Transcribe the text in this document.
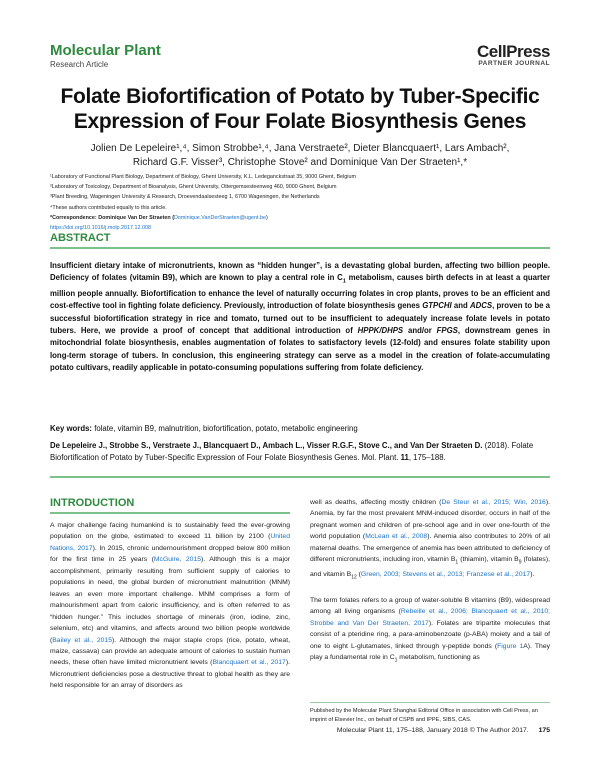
Molecular Plant
Research Article
CellPress
PARTNER JOURNAL
Folate Biofortification of Potato by Tuber-Specific Expression of Four Folate Biosynthesis Genes
Jolien De Lepeleire¹,⁴, Simon Strobbe¹,⁴, Jana Verstraete², Dieter Blancquaert¹, Lars Ambach²,
Richard G.F. Visser³, Christophe Stove² and Dominique Van Der Straeten¹,*
¹Laboratory of Functional Plant Biology, Department of Biology, Ghent University, K.L. Ledeganckstraat 35, 9000 Ghent, Belgium
²Laboratory of Toxicology, Department of Bioanalysis, Ghent University, Ottergemsesteenweg 460, 9000 Ghent, Belgium
³Plant Breeding, Wageningen University & Research, Droevendaalsesteeg 1, 6700 Wageningen, the Netherlands
⁴These authors contributed equally to this article.
*Correspondence: Dominique Van Der Straeten (Dominique.VanDerStraeten@ugent.be)
https://doi.org/10.1016/j.molp.2017.12.008
ABSTRACT
Insufficient dietary intake of micronutrients, known as “hidden hunger”, is a devastating global burden, affecting two billion people. Deficiency of folates (vitamin B9), which are known to play a central role in $C_1$ metabolism, causes birth defects in at least a quarter million people annually. Biofortification to enhance the level of naturally occurring folates in crop plants, proves to be an efficient and cost-effective tool in fighting folate deficiency. Previously, introduction of folate biosynthesis genes GTPCHI and ADCS, proven to be a successful biofortification strategy in rice and tomato, turned out to be insufficient to adequately increase folate levels in potato tubers. Here, we provide a proof of concept that additional introduction of HPPK/DHPS and/or FPGS, downstream genes in mitochondrial folate biosynthesis, enables augmentation of folates to satisfactory levels (12-fold) and ensures folate stability upon long-term storage of tubers. In conclusion, this engineering strategy can serve as a model in the creation of folate-accumulating potato cultivars, readily applicable in potato-consuming populations suffering from folate deficiency.
Key words: folate, vitamin B9, malnutrition, biofortification, potato, metabolic engineering
De Lepeleire J., Strobbe S., Verstraete J., Blancquaert D., Ambach L., Visser R.G.F., Stove C., and Van Der Straeten D. (2018). Folate Biofortification of Potato by Tuber-Specific Expression of Four Folate Biosynthesis Genes. Mol. Plant. 11, 175–188.
INTRODUCTION
A major challenge facing humankind is to sustainably feed the ever-growing population on the globe, estimated to exceed 11 billion by 2100 (United Nations, 2017). In 2015, chronic undernourishment dropped below 800 million for the first time in 25 years (McGuire, 2015). Although this is a major accomplishment, primarily resulting from sufficient supply of calories to populations in need, the global burden of micronutrient malnutrition (MNM) leaves an even more important challenge. MNM comprises a form of malnourishment apart from caloric insufficiency, and is often referred to as “hidden hunger.” This includes shortage of minerals (iron, iodine, zinc, selenium, etc) and vitamins, and affects around two billion people worldwide (Bailey et al., 2015). Although the major staple crops (rice, potato, wheat, maize, cassava) can provide an adequate amount of calories to sustain human needs, these often have limited micronutrient levels (Blancquaert et al., 2017). Micronutrient deficiencies pose a destructive threat to global health as they are held responsible for an array of disorders as
well as deaths, affecting mostly children (De Steur et al., 2015; Win, 2016). Anemia, by far the most prevalent MNM-induced disorder, occurs in half of the pregnant women and children of pre-school age and in over one-fourth of the world population (McLean et al., 2008). Anemia also contributes to 20% of all maternal deaths. The emergence of anemia has been attributed to deficiency of different micronutrients, including iron, vitamin $B_1$ (thiamin), vitamin $B_9$ (folates), and vitamin $B_{12}$ (Green, 2003; Stevens et al., 2013; Franzese et al., 2017).
The term folates refers to a group of water-soluble B vitamins (B9), widespread among all living organisms (Rebeille et al., 2006; Blancquaert et al., 2010; Strobbe and Van Der Straeten, 2017). Folates are tripartite molecules that consist of a pteridine ring, a para-aminobenzoate (p-ABA) moiety and a tail of one to eight L-glutamates, linked through γ-peptide bonds (Figure 1A). They play a fundamental role in $C_1$ metabolism, functioning as
Published by the Molecular Plant Shanghai Editorial Office in association with Cell Press, an imprint of Elsevier Inc., on behalf of CSPB and IPPE, SIBS, CAS.
Molecular Plant 11, 175–188, January 2018 © The Author 2017. 175
